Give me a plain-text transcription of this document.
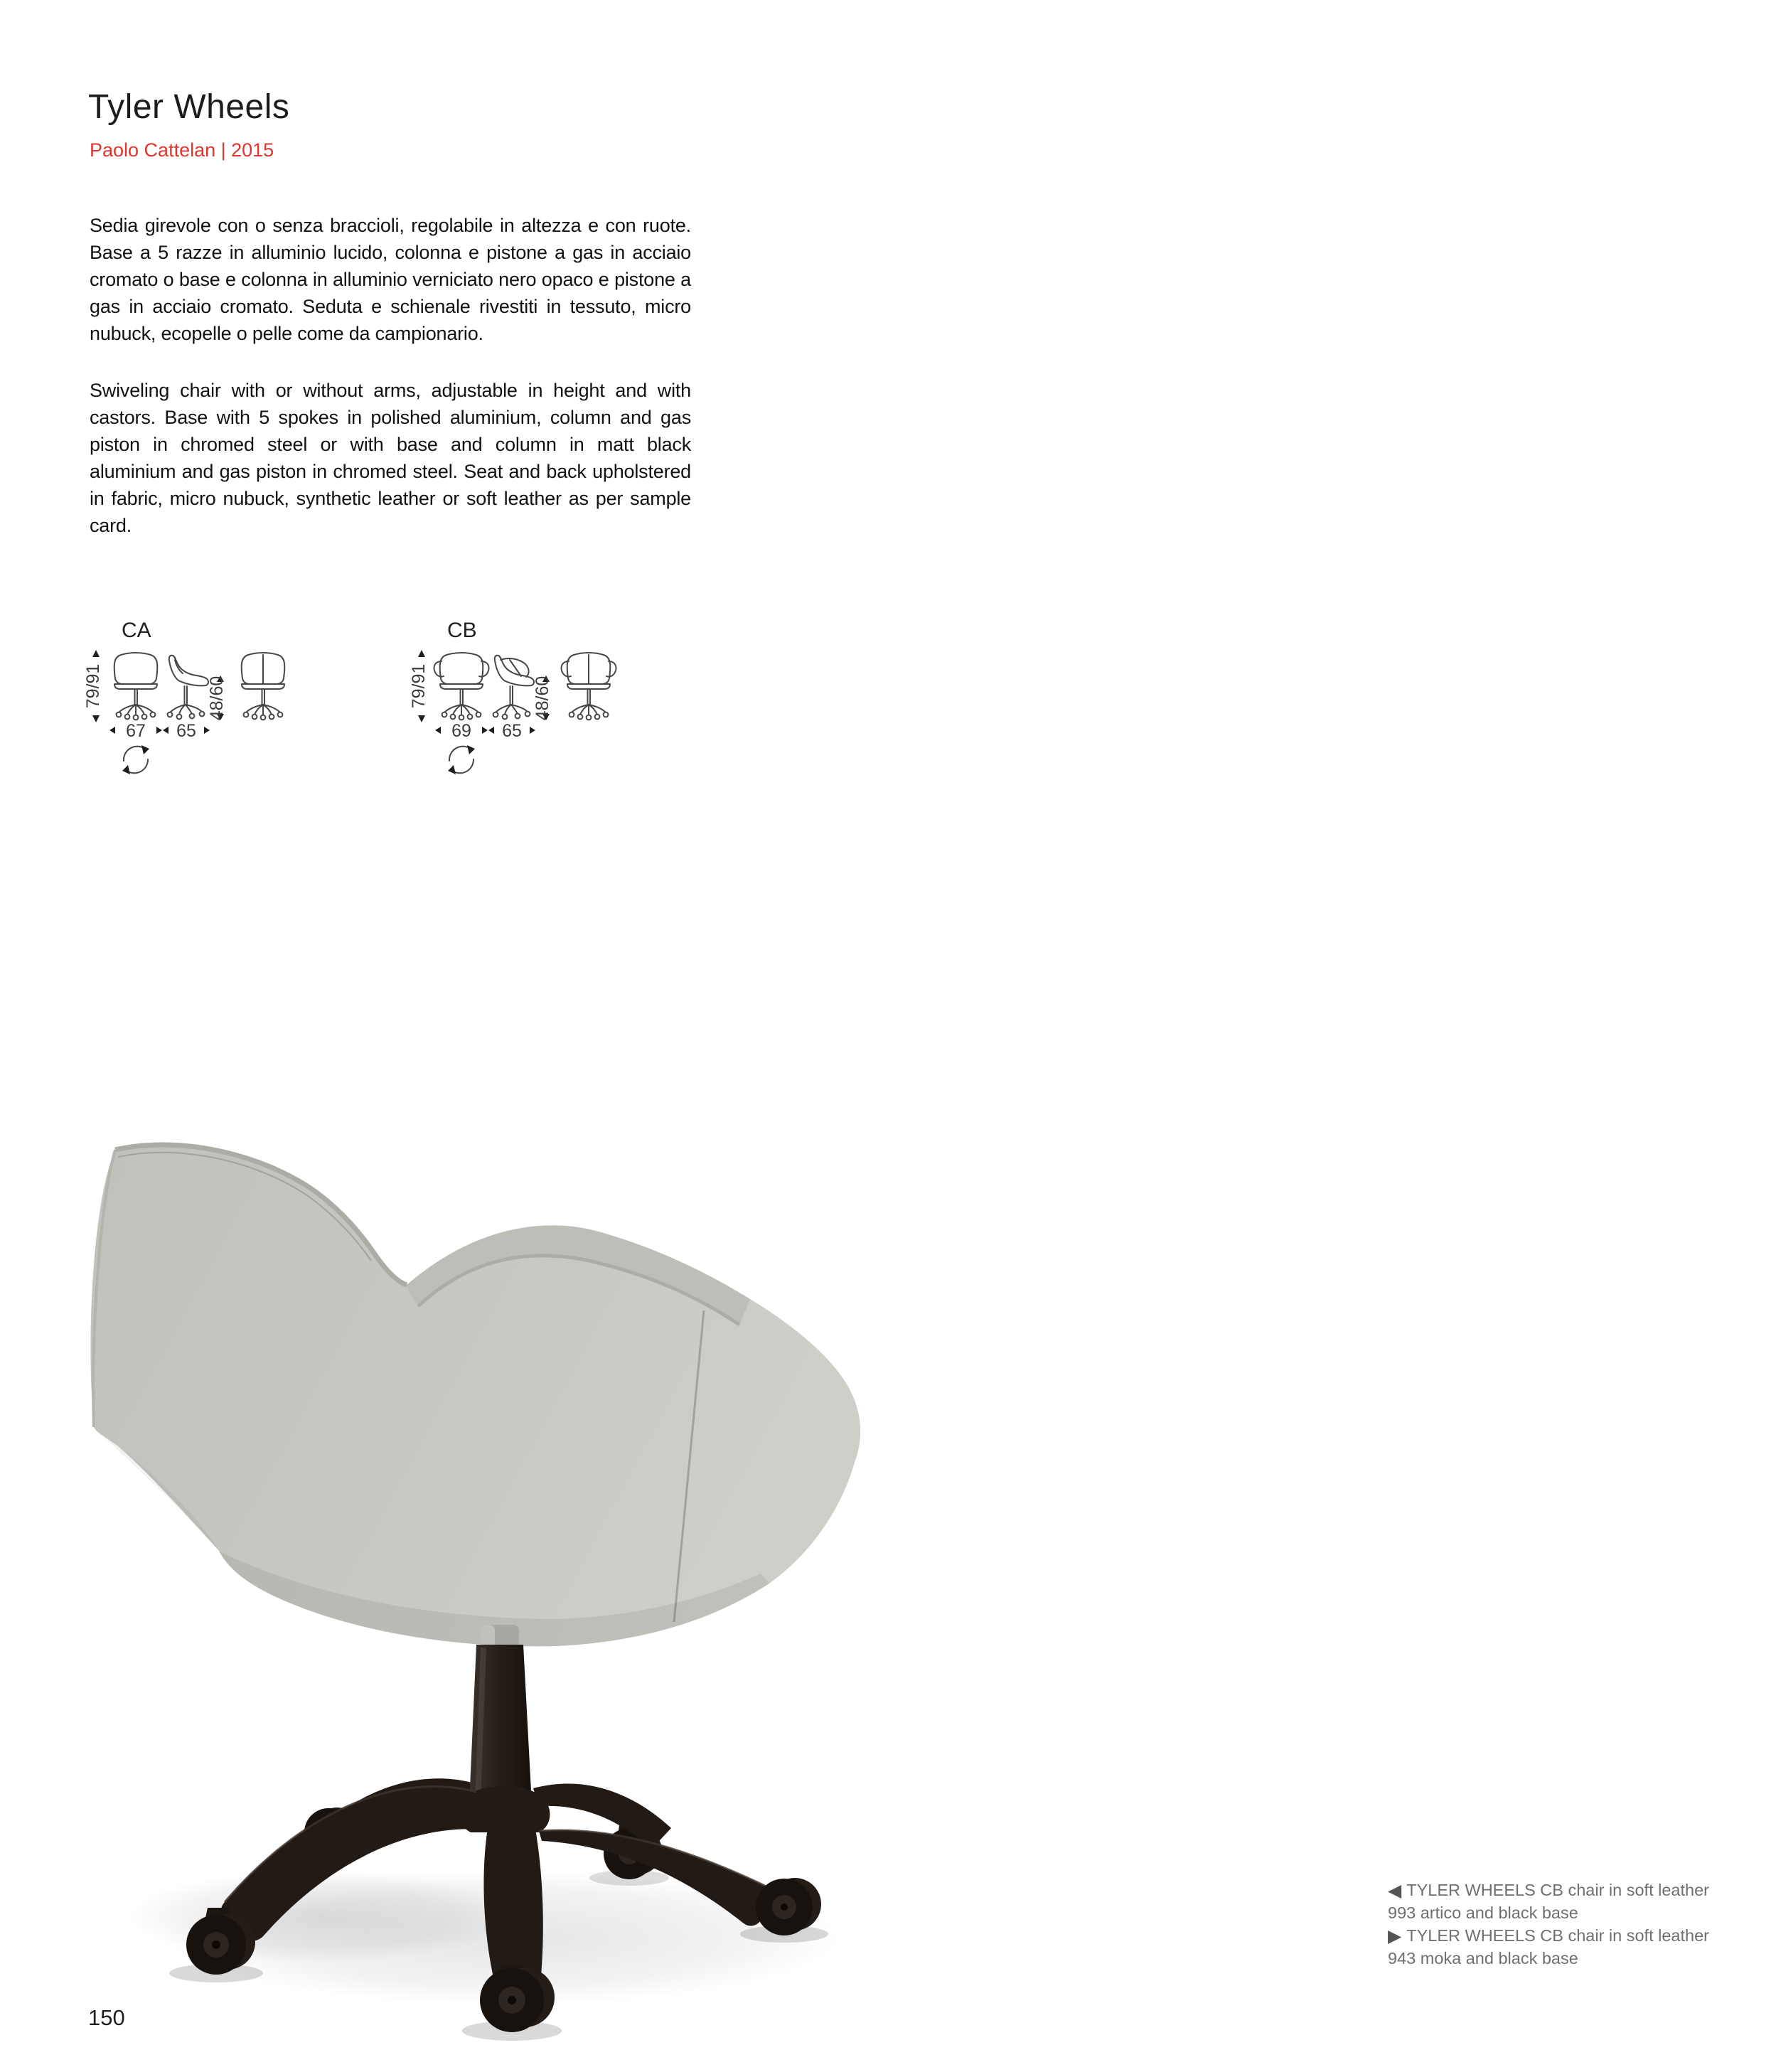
Tyler Wheels
Paolo Cattelan | 2015
Sedia girevole con o senza braccioli, regolabile in altezza e con ruote. Base a 5 razze in alluminio lucido, colonna e pistone a gas in acciaio cromato o base e colonna in alluminio verniciato nero opaco e pistone a gas in acciaio cromato. Seduta e schienale rivestiti in tessuto, micro nubuck, ecopelle o pelle come da campionario.
Swiveling chair with or without arms, adjustable in height and with castors. Base with 5 spokes in polished aluminium, column and gas piston in chromed steel or with base and column in matt black aluminium and gas piston in chromed steel. Seat and back upholstered in fabric, micro nubuck, synthetic leather or soft leather as per sample card.
79/91	48/60
67 65
CA
79/91	48/60
69 65
CB
◀ TYLER WHEELS CB chair in soft leather
993 artico and black base
▶ TYLER WHEELS CB chair in soft leather
943 moka and black base
150
